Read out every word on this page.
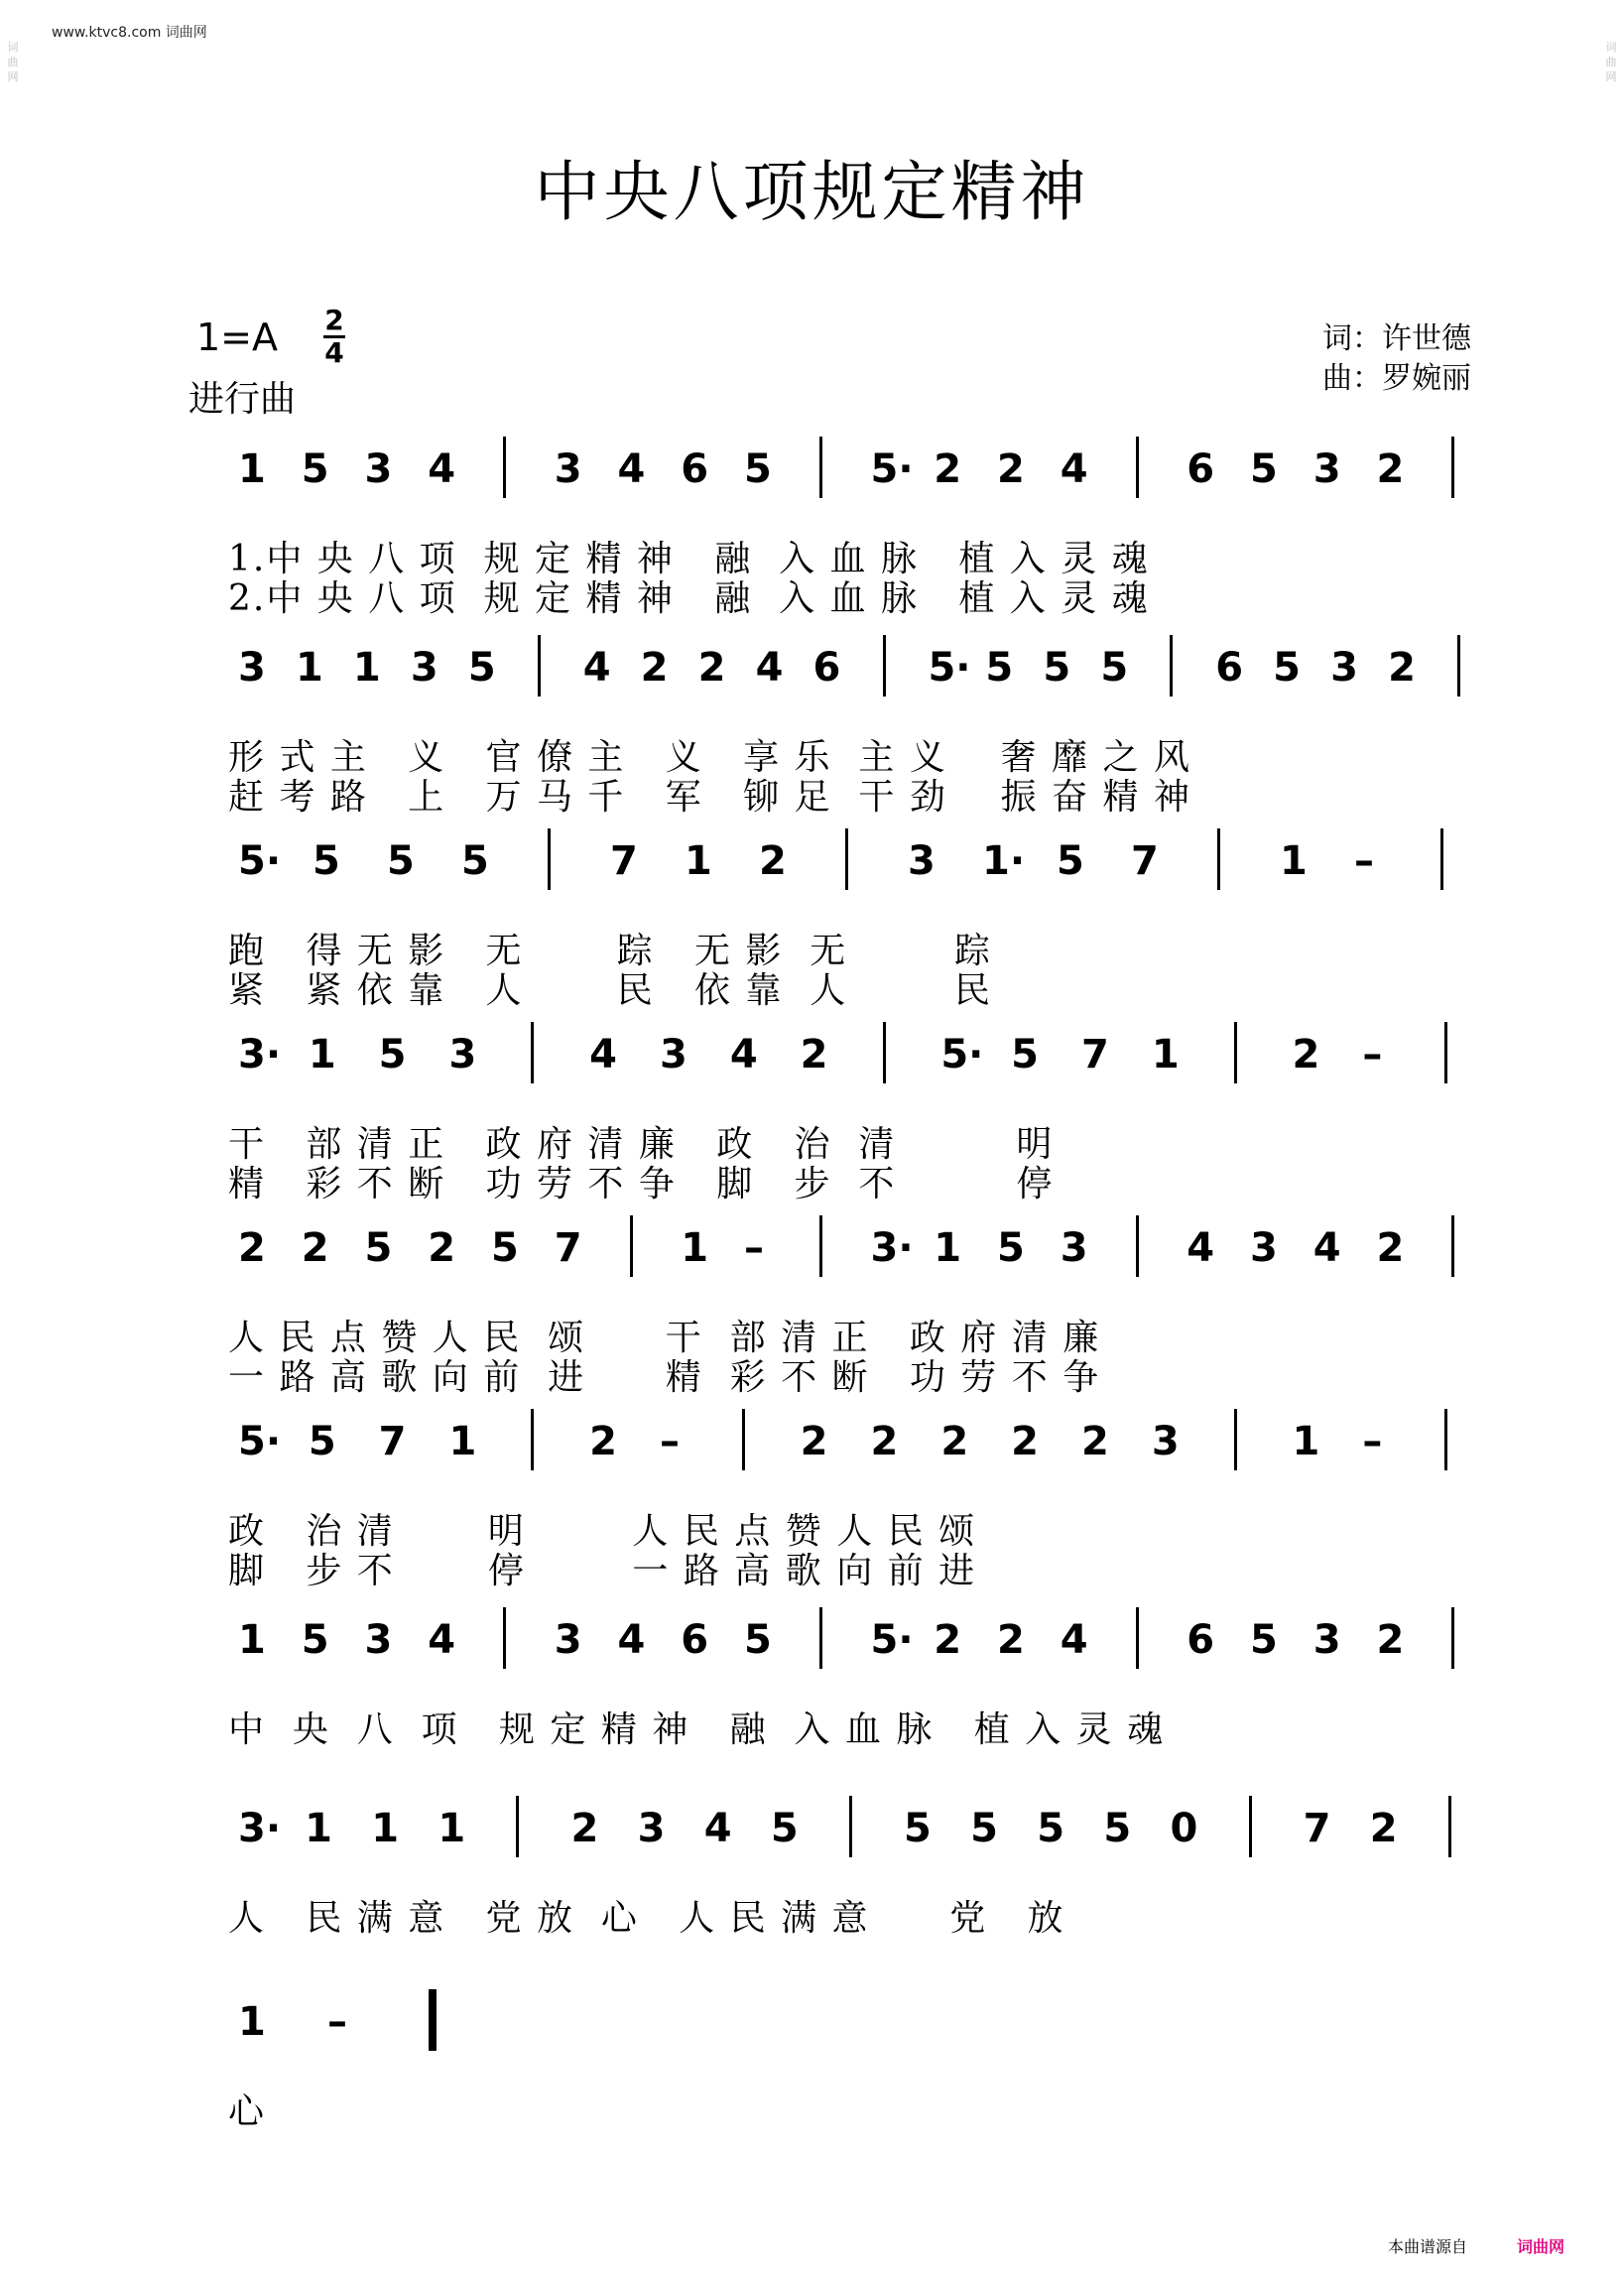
www.ktvc8.com 词曲网
中央八项规定精神
1=A 2
4
进行曲
词：许世德
曲：罗婉丽
1 5 3 4 3 4 6 5 5· 2 2 4 6 5 3 2
1.中 央 八 项  规 定 精 神   融  入 血 脉   植 入 灵 魂
2.中 央 八 项  规 定 精 神   融  入 血 脉   植 入 灵 魂
3 1 1 3 5 4 2 2 4 6 5· 5 5 5 6 5 3 2
形 式 主   义   官 僚 主   义   享 乐  主 义    奢 靡 之 风
赶 考 路   上   万 马 千   军   铆 足  干 劲    振 奋 精 神
5· 5 5 5	7 1 2	3 1· 5 7	1 –
跑   得 无 影   无       踪   无 影  无        踪
紧   紧 依 靠   人       民   依 靠  人        民
3· 1 5 3	4 3 4 2	5· 5 7 1	2 –
干   部 清 正   政 府 清 廉   政   治  清         明
精   彩 不 断   功 劳 不 争   脚   步  不         停
2 2 5 2 5 7 1 –	3· 1 5 3 4 3 4 2
人 民 点 赞 人 民  颂      干  部 清 正   政 府 清 廉
一 路 高 歌 向 前  进      精  彩 不 断   功 劳 不 争
5· 5 7 1	2 –	2 2 2 2 2 3	1 –
政   治 清       明        人 民 点 赞 人 民 颂
脚   步 不       停        一 路 高 歌 向 前 进
1 5 3 4 3 4 6 5 5· 2 2 4 6 5 3 2
中  央  八  项   规 定 精 神   融  入 血 脉   植 入 灵 魂
3· 1 1 1	2 3 4 5	5 5 5 5 0	7 2
人   民 满 意   党 放  心   人 民 满 意      党   放
1 –
心
词曲网
词曲网
本曲谱源自	词曲网
